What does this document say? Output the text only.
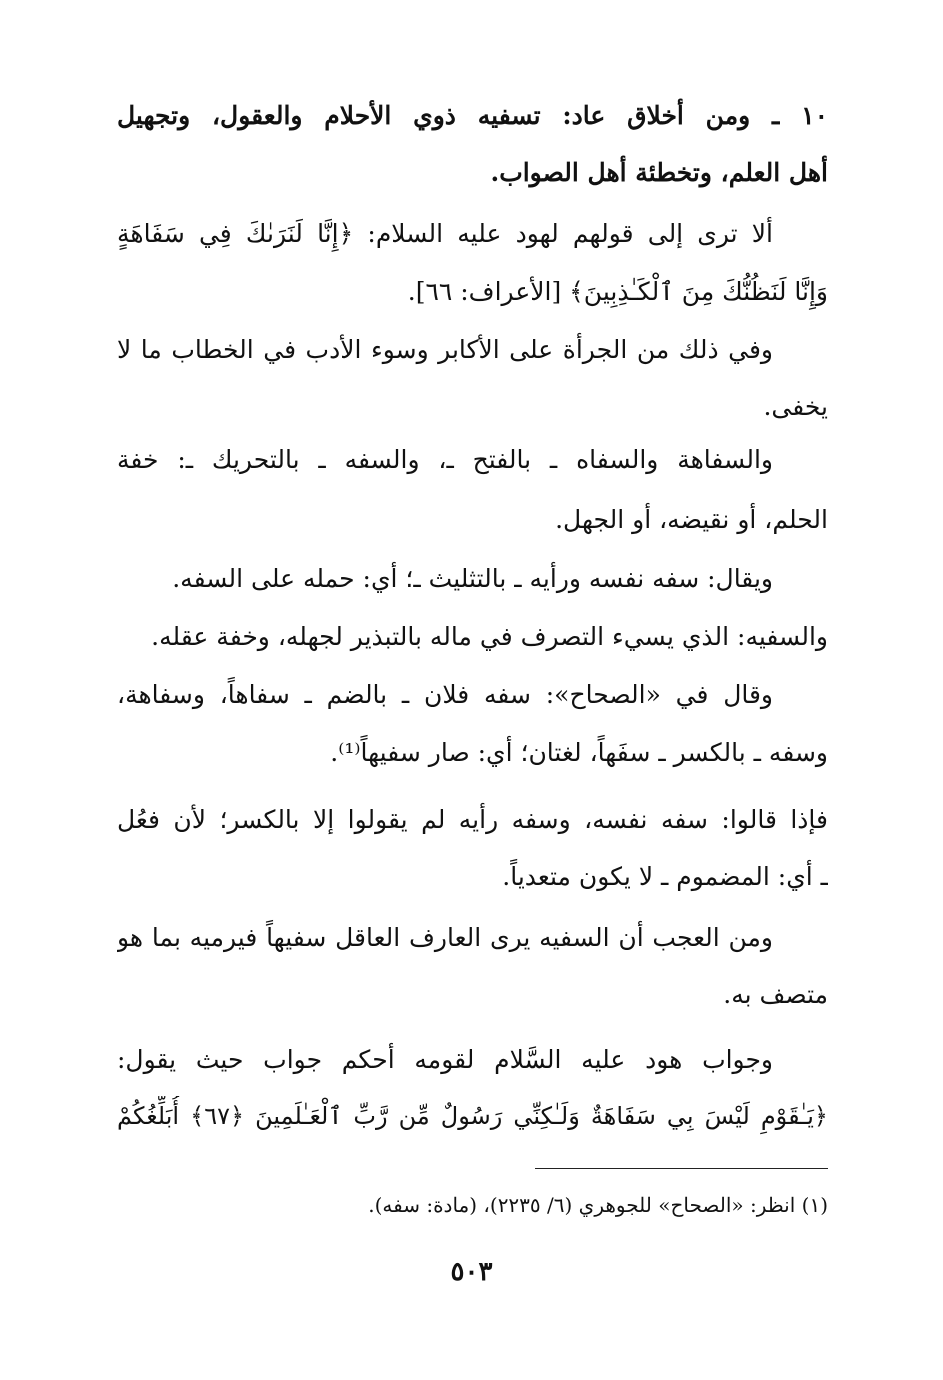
١٠ ـ ومن أخلاق عاد: تسفيه ذوي الأحلام والعقول، وتجهيل
أهل العلم، وتخطئة أهل الصواب.
ألا ترى إلى قولهم لهود عليه السلام: ﴿إِنَّا لَنَرَىٰكَ فِي سَفَاهَةٍ
وَإِنَّا لَنَظُنُّكَ مِنَ ٱلْكَـٰذِبِينَ﴾ [الأعراف: ٦٦].
وفي ذلك من الجرأة على الأكابر وسوء الأدب في الخطاب ما لا
يخفى.
والسفاهة والسفاه ـ بالفتح ـ، والسفه ـ بالتحريك ـ: خفة
الحلم، أو نقيضه، أو الجهل.
ويقال: سفه نفسه ورأيه ـ بالتثليث ـ؛ أي: حمله على السفه.
والسفيه: الذي يسيء التصرف في ماله بالتبذير لجهله، وخفة عقله.
وقال في «الصحاح»: سفه فلان ـ بالضم ـ سفاهاً، وسفاهة،
وسفه ـ بالكسر ـ سفَهاً، لغتان؛ أي: صار سفيهاً⁽¹⁾.
فإذا قالوا: سفه نفسه، وسفه رأيه لم يقولوا إلا بالكسر؛ لأن فعُل
ـ أي: المضموم ـ لا يكون متعدياً.
ومن العجب أن السفيه يرى العارف العاقل سفيهاً فيرميه بما هو
متصف به.
وجواب هود عليه السَّلام لقومه أحكم جواب حيث يقول:
﴿يَـٰقَوْمِ لَيْسَ بِي سَفَاهَةٌ وَلَـٰكِنِّي رَسُولٌ مِّن رَّبِّ ٱلْعَـٰلَمِينَ ﴿٦٧﴾ أُبَلِّغُكُمْ
(١) انظر: «الصحاح» للجوهري (٦/ ٢٢٣٥)، (مادة: سفه).
٥٠٣
